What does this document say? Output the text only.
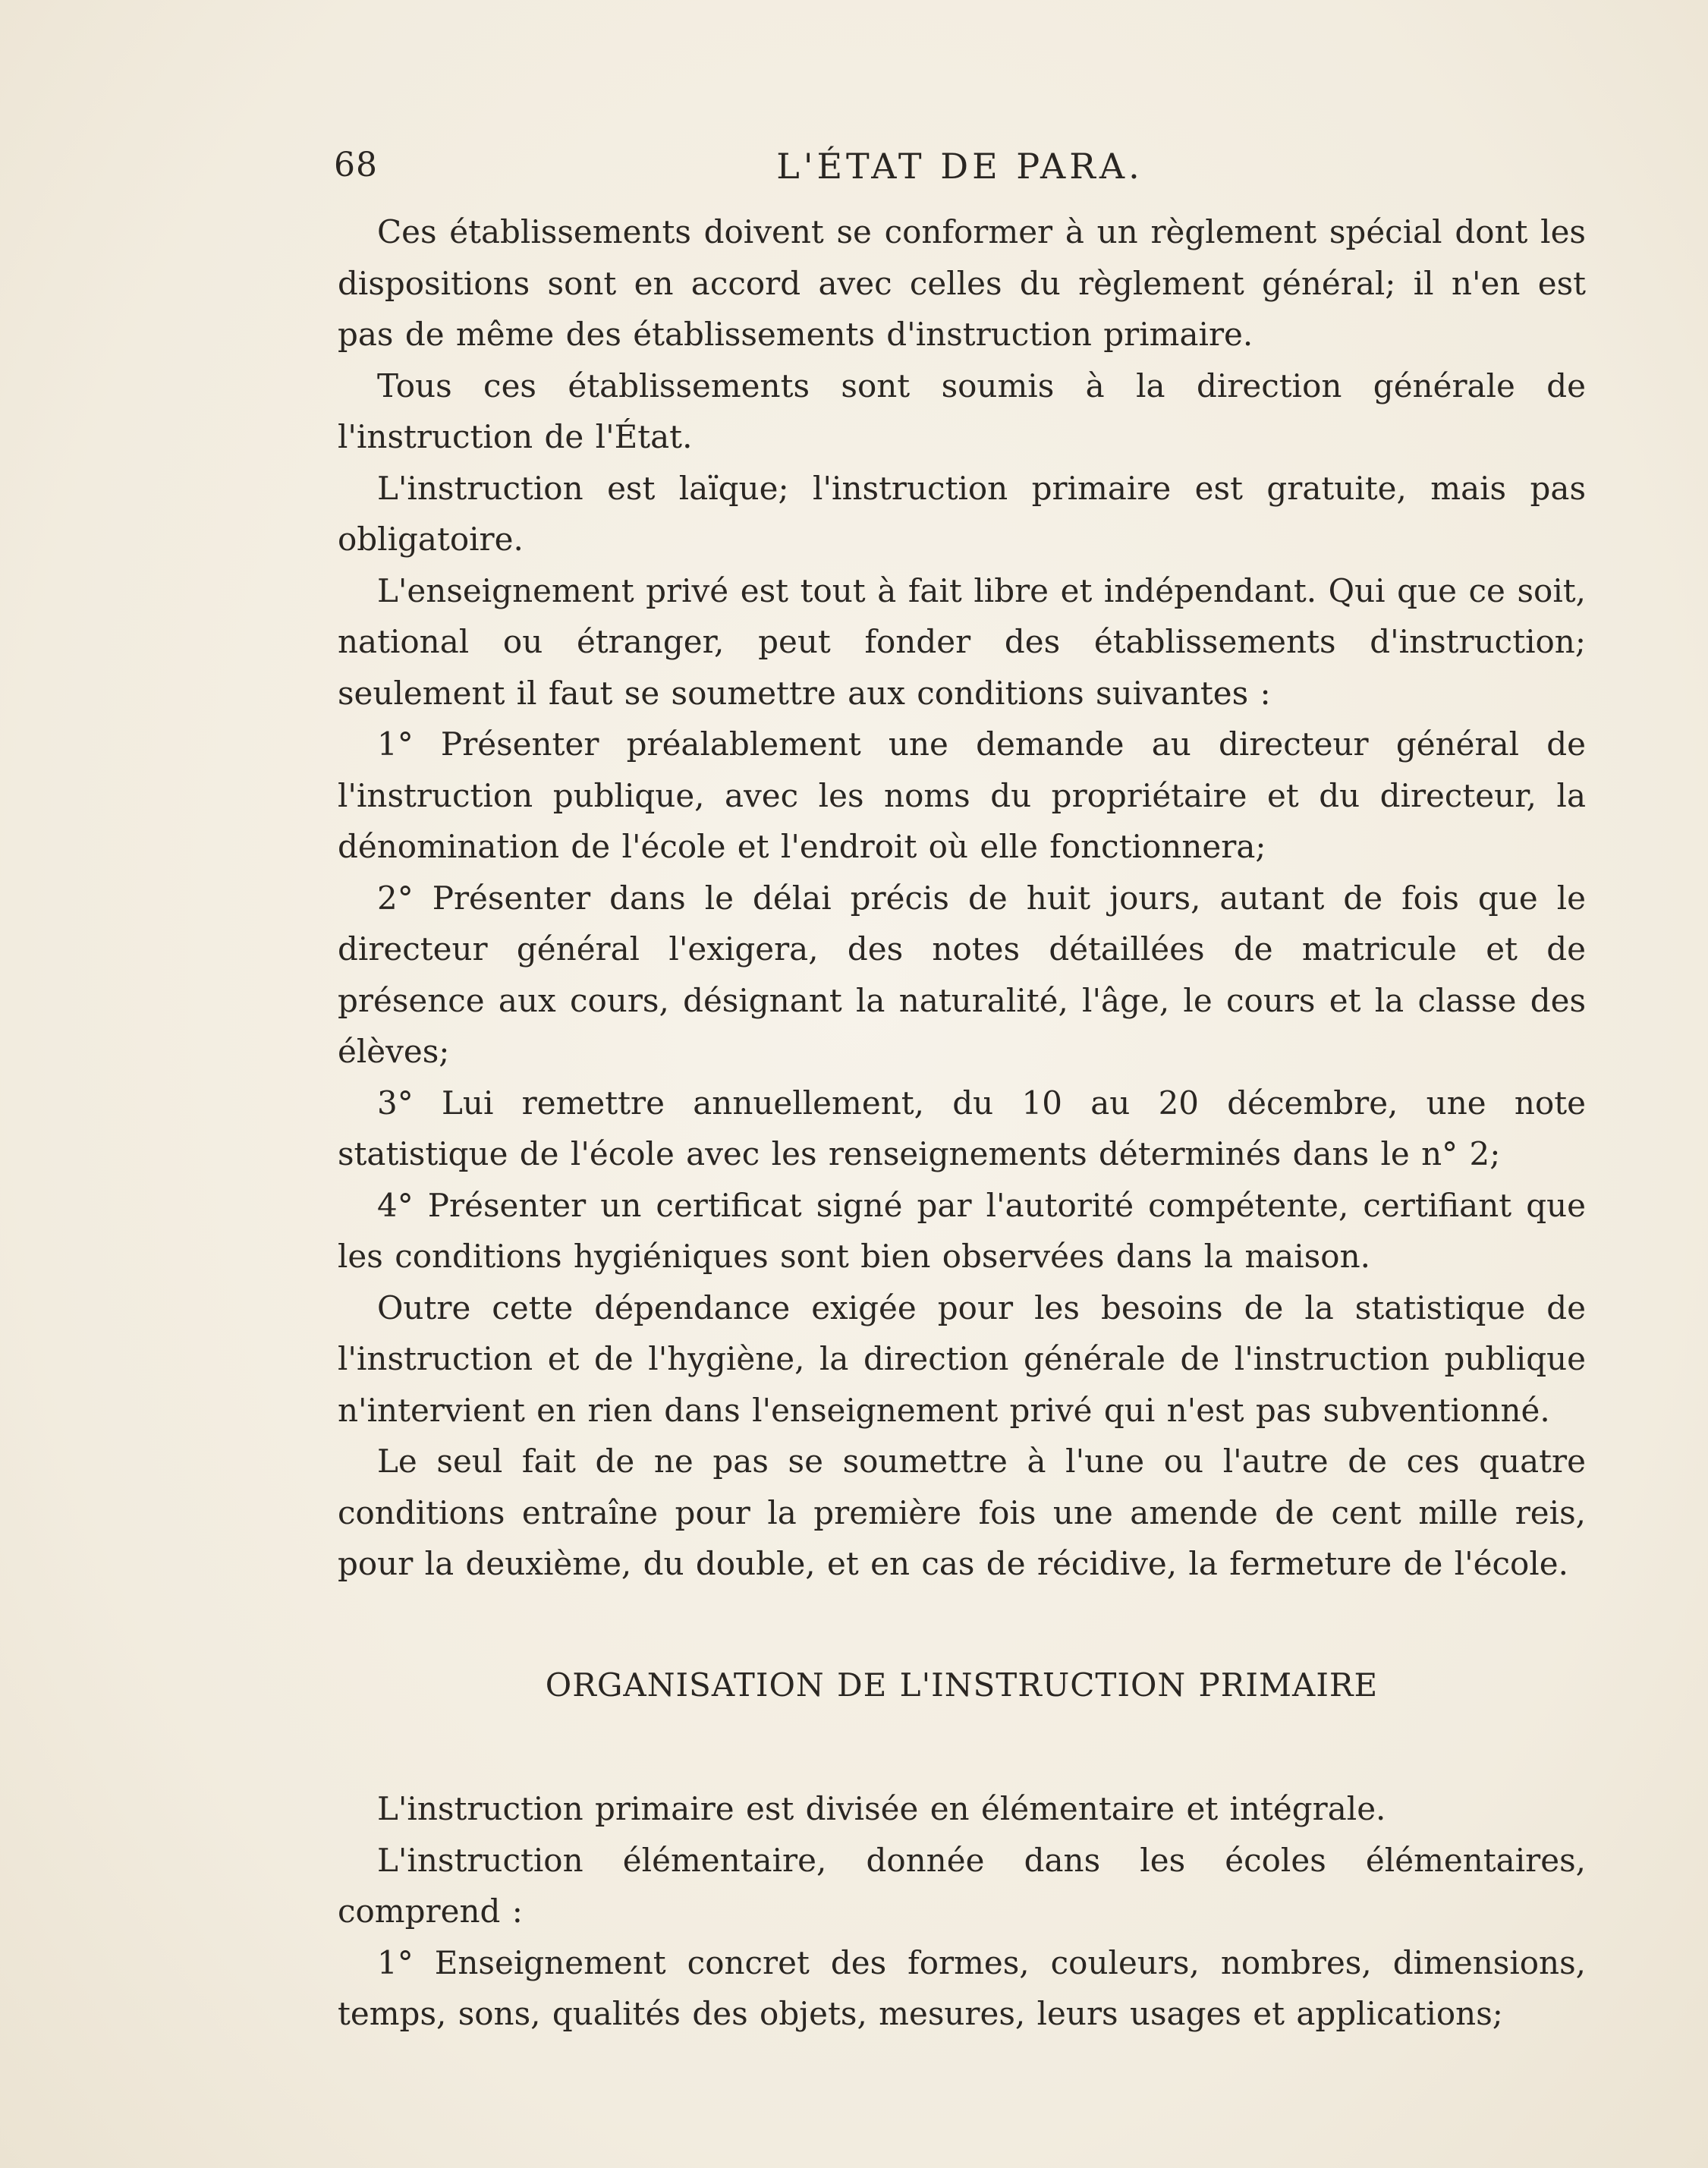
68	L'ÉTAT DE PARA.

Ces établissements doivent se conformer à un règlement spécial dont les dispositions sont en accord avec celles du règlement général; il n'en est pas de même des établissements d'instruction primaire.

Tous ces établissements sont soumis à la direction générale de l'instruction de l'État.

L'instruction est laïque; l'instruction primaire est gratuite, mais pas obligatoire.

L'enseignement privé est tout à fait libre et indépendant. Qui que ce soit, national ou étranger, peut fonder des établissements d'instruction; seulement il faut se soumettre aux conditions suivantes :

1° Présenter préalablement une demande au directeur général de l'instruction publique, avec les noms du propriétaire et du directeur, la dénomination de l'école et l'endroit où elle fonctionnera;

2° Présenter dans le délai précis de huit jours, autant de fois que le directeur général l'exigera, des notes détaillées de matricule et de présence aux cours, désignant la naturalité, l'âge, le cours et la classe des élèves;

3° Lui remettre annuellement, du 10 au 20 décembre, une note statistique de l'école avec les renseignements déterminés dans le n° 2;

4° Présenter un certificat signé par l'autorité compétente, certifiant que les conditions hygiéniques sont bien observées dans la maison.

Outre cette dépendance exigée pour les besoins de la statistique de l'instruction et de l'hygiène, la direction générale de l'instruction publique n'intervient en rien dans l'enseignement privé qui n'est pas subventionné.

Le seul fait de ne pas se soumettre à l'une ou l'autre de ces quatre conditions entraîne pour la première fois une amende de cent mille reis, pour la deuxième, du double, et en cas de récidive, la fermeture de l'école.

ORGANISATION DE L'INSTRUCTION PRIMAIRE

L'instruction primaire est divisée en élémentaire et intégrale.

L'instruction élémentaire, donnée dans les écoles élémentaires, comprend :

1° Enseignement concret des formes, couleurs, nombres, dimensions, temps, sons, qualités des objets, mesures, leurs usages et applications;
